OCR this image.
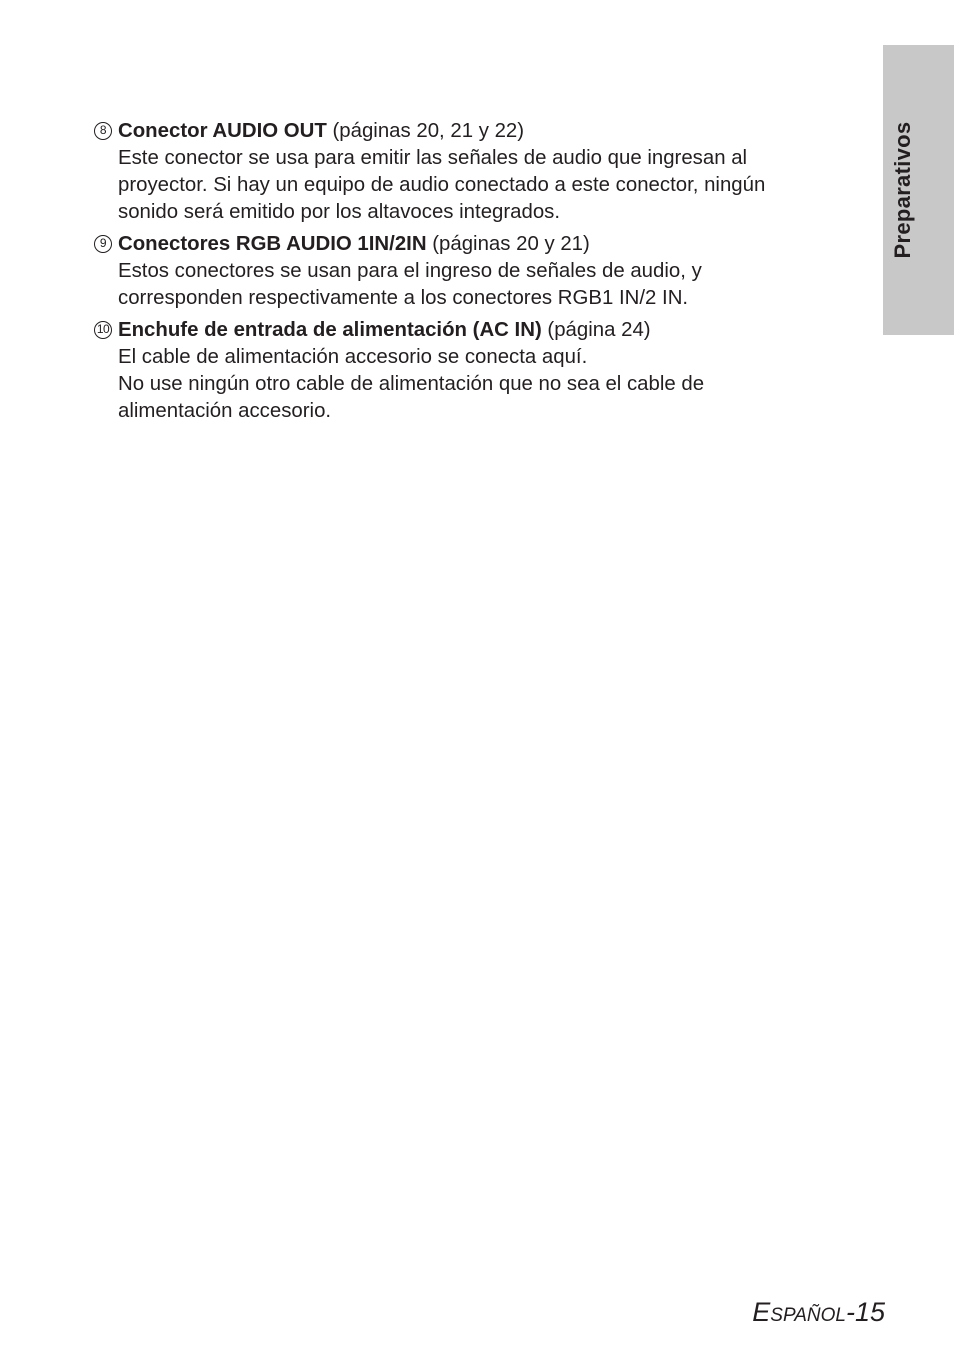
Preparativos
8 Conector AUDIO OUT (páginas 20, 21 y 22)
Este conector se usa para emitir las señales de audio que ingresan al
proyector. Si hay un equipo de audio conectado a este conector, ningún
sonido será emitido por los altavoces integrados.
9 Conectores RGB AUDIO 1IN/2IN (páginas 20 y 21)
Estos conectores se usan para el ingreso de señales de audio, y
corresponden respectivamente a los conectores RGB1 IN/2 IN.
10 Enchufe de entrada de alimentación (AC IN) (página 24)
El cable de alimentación accesorio se conecta aquí.
No use ningún otro cable de alimentación que no sea el cable de
alimentación accesorio.
ESPAÑOL-15
